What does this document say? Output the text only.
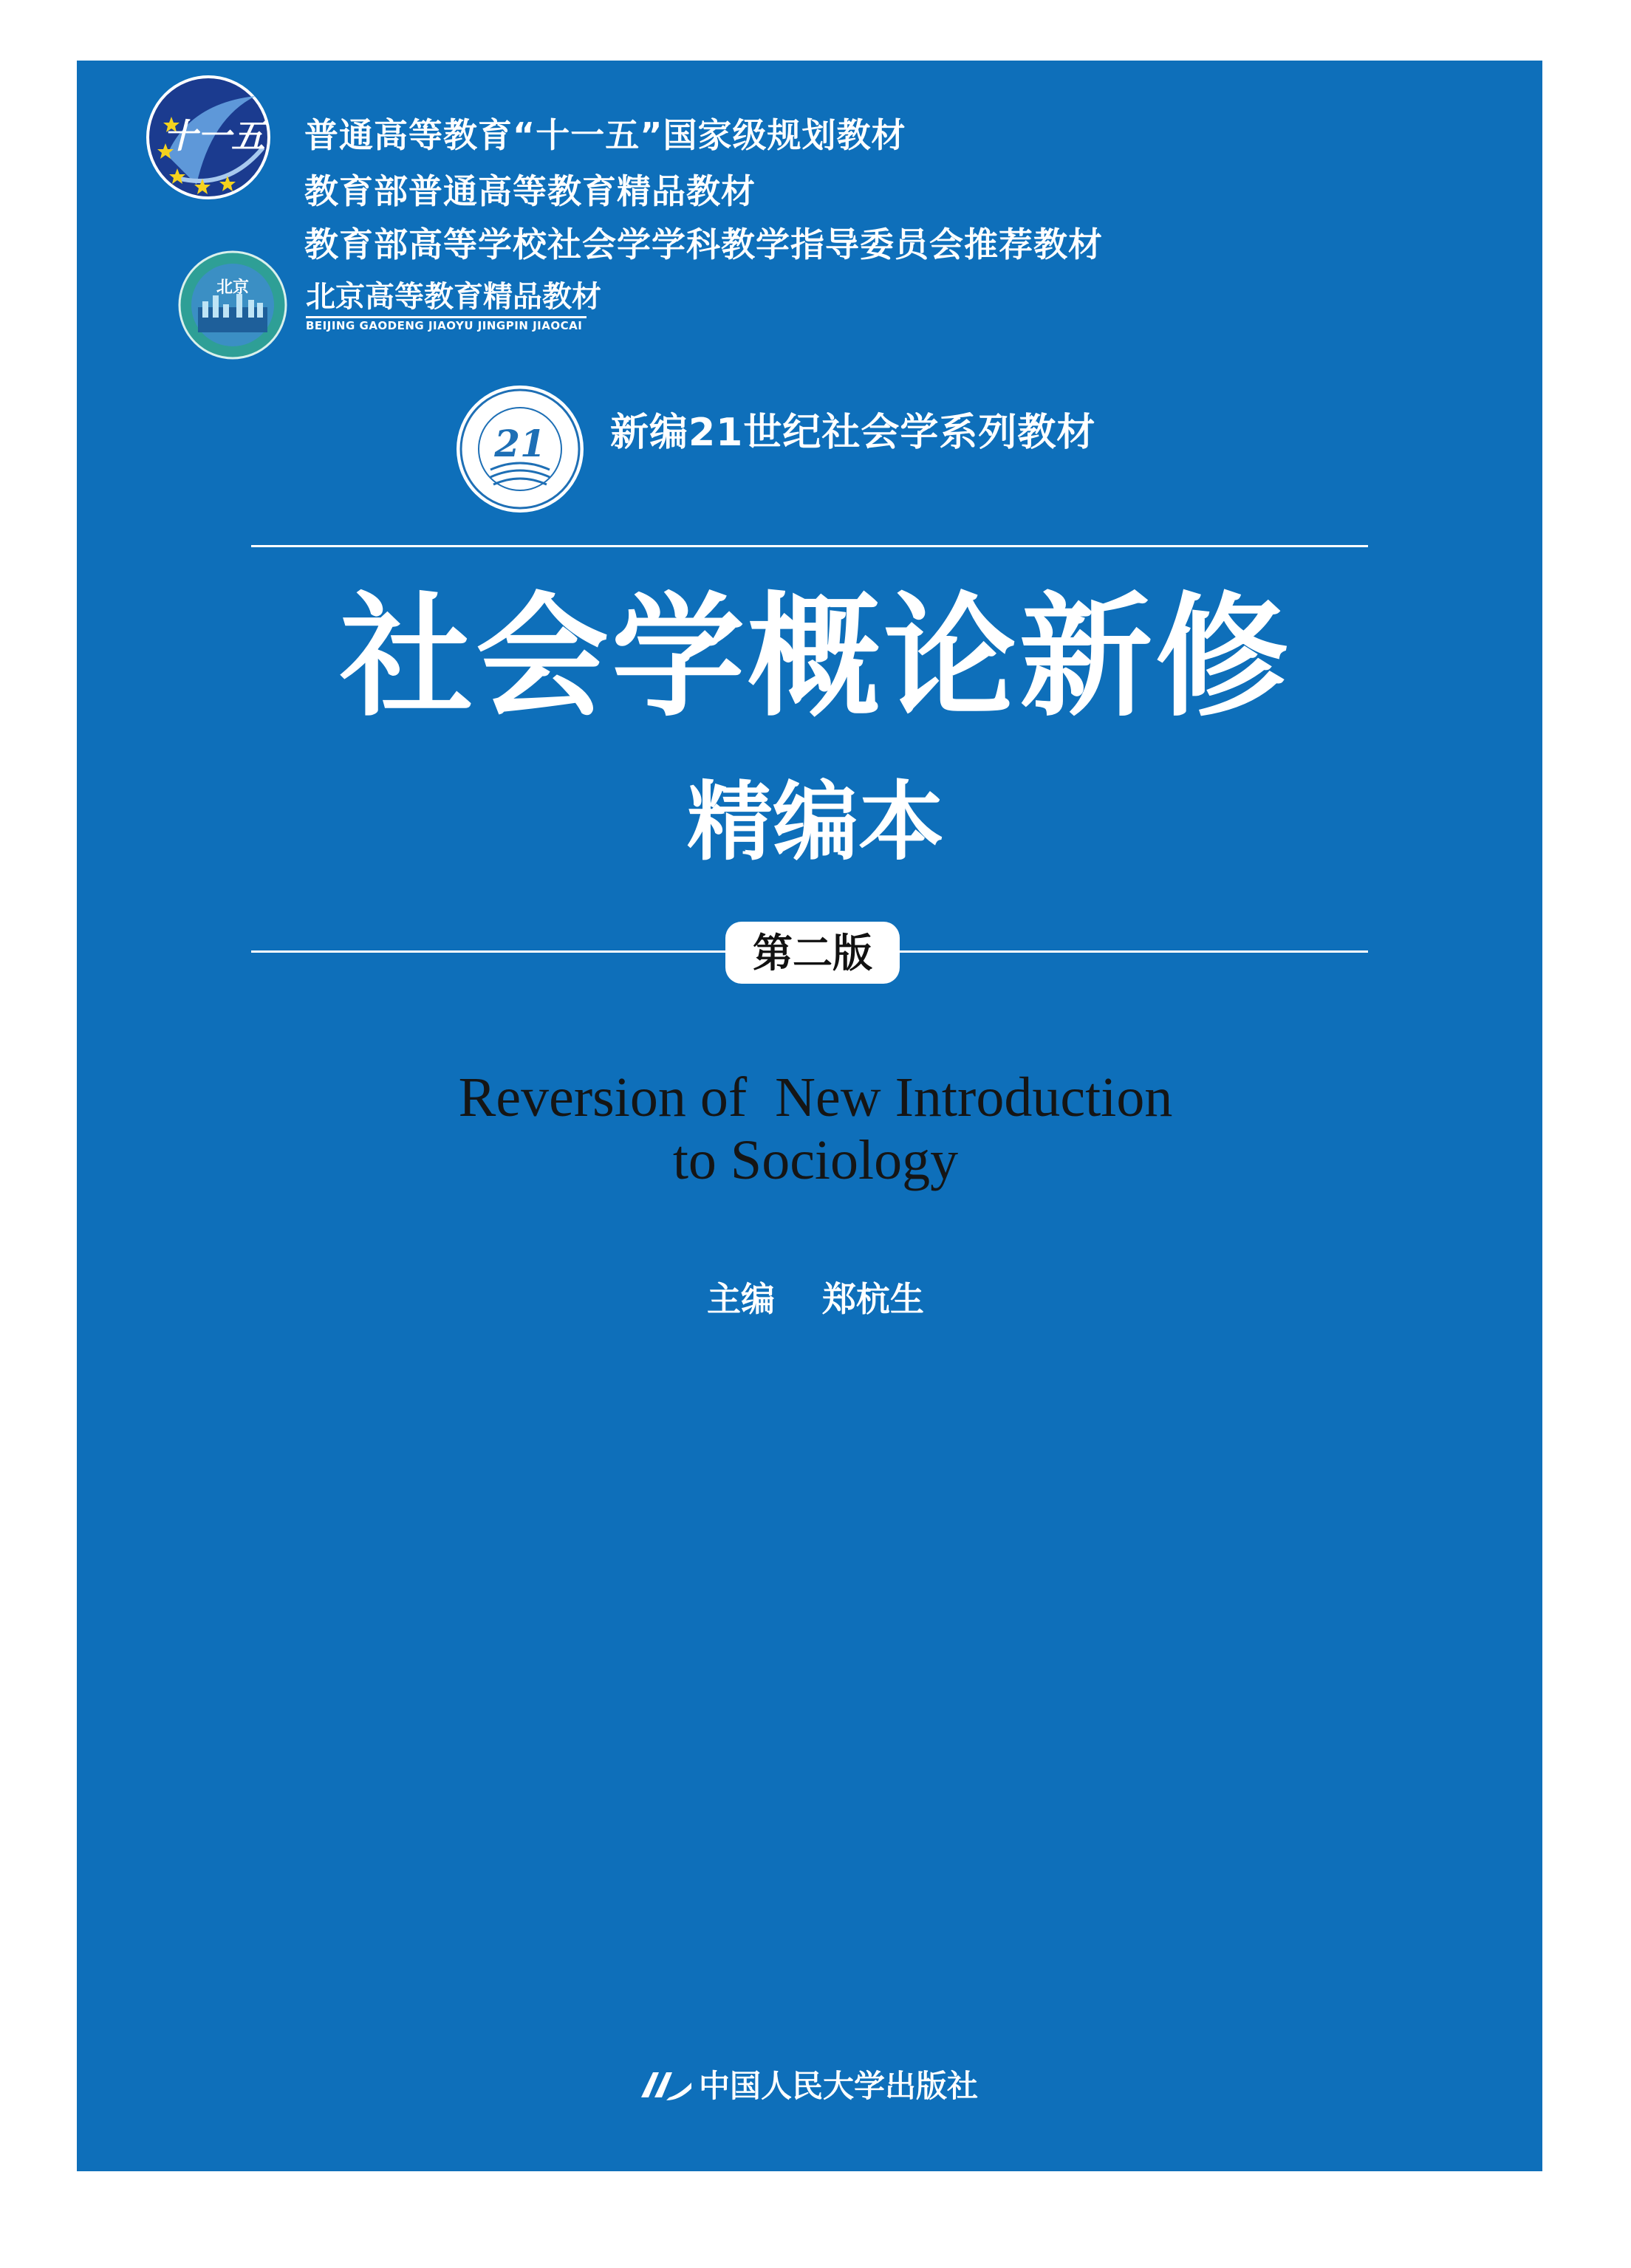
十一五 普通高等教育“十一五”国家级规划教材
教育部普通高等教育精品教材
教育部高等学校社会学学科教学指导委员会推荐教材
北京 北京高等教育精品教材
BEIJING GAODENG JIAOYU JINGPIN JIAOCAI
21 新编21世纪社会学系列教材
社会学概论新修
精编本
第二版
Reversion of  New Introduction
to Sociology
主编    郑杭生
中国人民大学出版社
